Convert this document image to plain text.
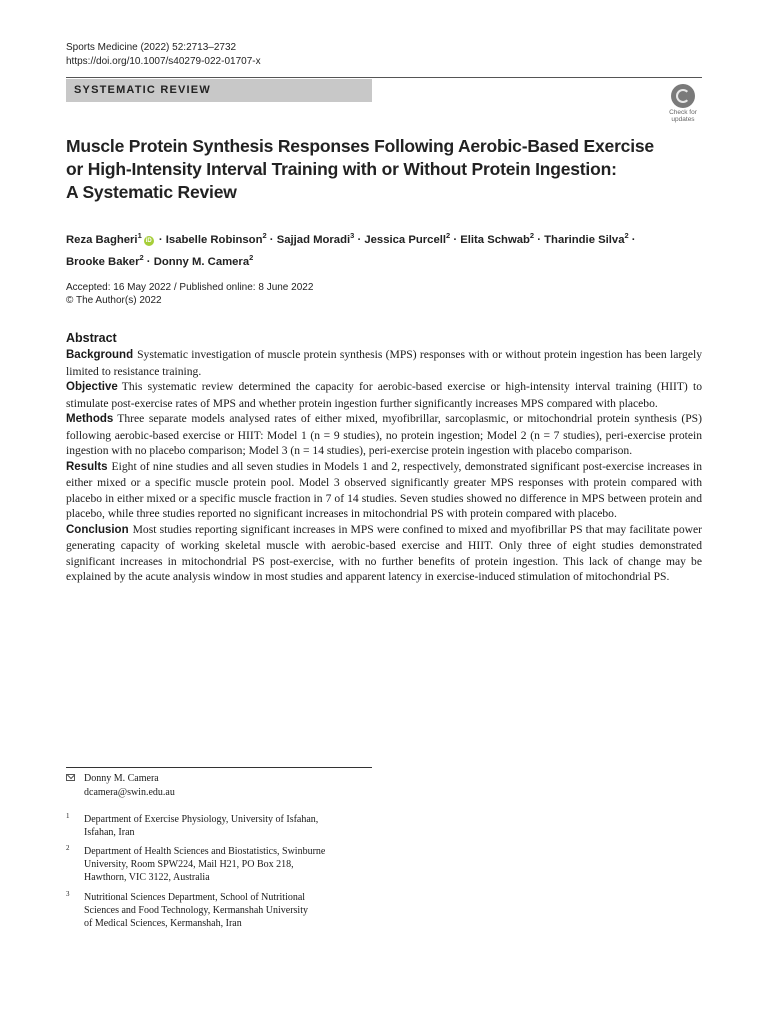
Sports Medicine (2022) 52:2713–2732
https://doi.org/10.1007/s40279-022-01707-x
SYSTEMATIC REVIEW
Check for updates
Muscle Protein Synthesis Responses Following Aerobic-Based Exercise
or High-Intensity Interval Training with or Without Protein Ingestion:
A Systematic Review
Reza Bagheri$^1$iD · Isabelle Robinson$^2$ · Sajjad Moradi$^3$ · Jessica Purcell$^2$ · Elita Schwab$^2$ · Tharindie Silva$^2$ ·
Brooke Baker$^2$ · Donny M. Camera$^2$
Accepted: 16 May 2022 / Published online: 8 June 2022
© The Author(s) 2022
Abstract

Background Systematic investigation of muscle protein synthesis (MPS) responses with or without protein ingestion has been largely limited to resistance training.

Objective This systematic review determined the capacity for aerobic-based exercise or high-intensity interval training (HIIT) to stimulate post-exercise rates of MPS and whether protein ingestion further significantly increases MPS compared with placebo.

Methods Three separate models analysed rates of either mixed, myofibrillar, sarcoplasmic, or mitochondrial protein synthesis (PS) following aerobic-based exercise or HIIT: Model 1 (n = 9 studies), no protein ingestion; Model 2 (n = 7 studies), peri-exercise protein ingestion with no placebo comparison; Model 3 (n = 14 studies), peri-exercise protein ingestion with placebo comparison.

Results Eight of nine studies and all seven studies in Models 1 and 2, respectively, demonstrated significant post-exercise increases in either mixed or a specific muscle protein pool. Model 3 observed significantly greater MPS responses with protein compared with placebo in either mixed or a specific muscle fraction in 7 of 14 studies. Seven studies showed no difference in MPS between protein and placebo, while three studies reported no significant increases in mitochondrial PS with protein compared with placebo.

Conclusion Most studies reporting significant increases in MPS were confined to mixed and myofibrillar PS that may facilitate power generating capacity of working skeletal muscle with aerobic-based exercise and HIIT. Only three of eight studies demonstrated significant increases in mitochondrial PS post-exercise, with no further benefits of protein ingestion. This lack of change may be explained by the acute analysis window in most studies and apparent latency in exercise-induced stimulation of mitochondrial PS.

Donny M. Camera
dcamera@swin.edu.au
1 Department of Exercise Physiology, University of Isfahan,
Isfahan, Iran
2 Department of Health Sciences and Biostatistics, Swinburne
University, Room SPW224, Mail H21, PO Box 218,
Hawthorn, VIC 3122, Australia
3 Nutritional Sciences Department, School of Nutritional
Sciences and Food Technology, Kermanshah University
of Medical Sciences, Kermanshah, Iran
